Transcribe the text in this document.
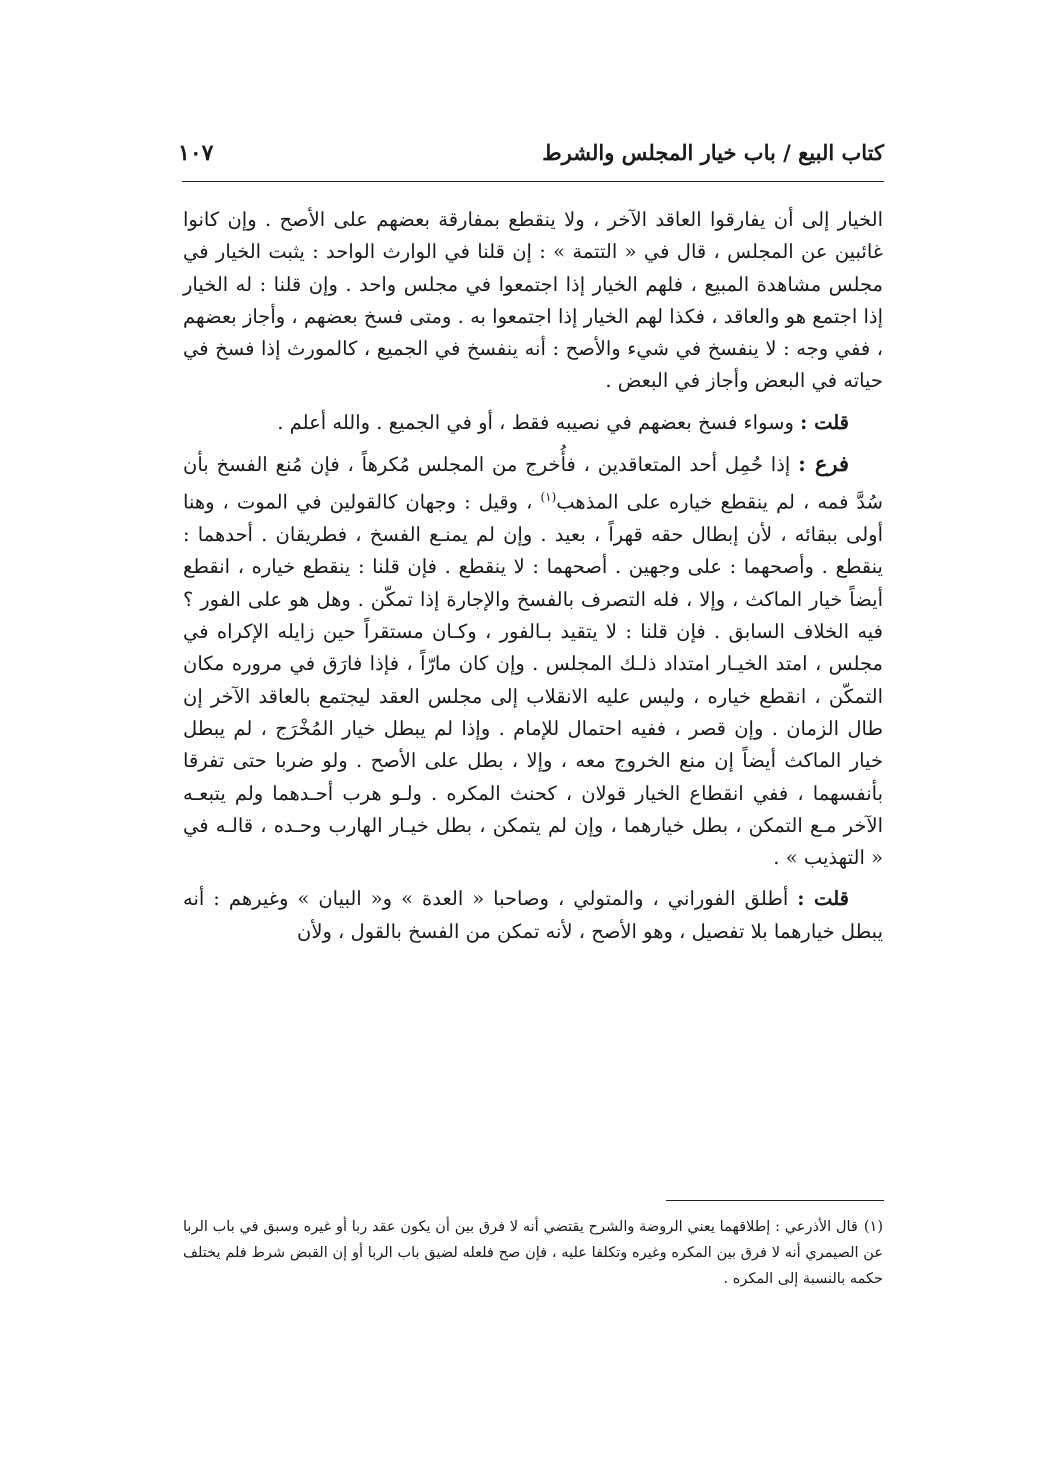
كتاب البيع / باب خيار المجلس والشرط
١٠٧

الخيار إلى أن يفارقوا العاقد الآخر ، ولا ينقطع بمفارقة بعضهم على الأصح . وإن كانوا غائبين عن المجلس ، قال في « التتمة » : إن قلنا في الوارث الواحد : يثبت الخيار في مجلس مشاهدة المبيع ، فلهم الخيار إذا اجتمعوا في مجلس واحد . وإن قلنا : له الخيار إذا اجتمع هو والعاقد ، فكذا لهم الخيار إذا اجتمعوا به . ومتى فسخ بعضهم ، وأجاز بعضهم ، ففي وجه : لا ينفسخ في شيء والأصح : أنه ينفسخ في الجميع ، كالمورث إذا فسخ في حياته في البعض وأجاز في البعض .

قلت : وسواء فسخ بعضهم في نصيبه فقط ، أو في الجميع . والله أعلم .

فرع : إذا حُمِل أحد المتعاقدين ، فأُخرج من المجلس مُكرهاً ، فإن مُنع الفسخ بأن سُدَّ فمه ، لم ينقطع خياره على المذهب$^{(١)}$ ، وقيل : وجهان كالقولين في الموت ، وهنا أولى ببقائه ، لأن إبطال حقه قهراً ، بعيد . وإن لم يمنـع الفسخ ، فطريقان . أحدهما : ينقطع . وأصحهما : على وجهين . أصحهما : لا ينقطع . فإن قلنا : ينقطع خياره ، انقطع أيضاً خيار الماكث ، وإلا ، فله التصرف بالفسخ والإجارة إذا تمكّن . وهل هو على الفور ؟ فيه الخلاف السابق . فإن قلنا : لا يتقيد بـالفور ، وكـان مستقراً حين زايله الإكراه في مجلس ، امتد الخيـار امتداد ذلـك المجلس . وإن كان مارّاً ، فإذا فارَق في مروره مكان التمكّن ، انقطع خياره ، وليس عليه الانقلاب إلى مجلس العقد ليجتمع بالعاقد الآخر إن طال الزمان . وإن قصر ، ففيه احتمال للإمام . وإذا لم يبطل خيار المُخْرَج ، لم يبطل خيار الماكث أيضاً إن منع الخروج معه ، وإلا ، بطل على الأصح . ولو ضربا حتى تفرقا بأنفسهما ، ففي انقطاع الخيار قولان ، كحنث المكره . ولـو هرب أحـدهما ولم يتبعـه الآخر مـع التمكن ، بطل خيارهما ، وإن لم يتمكن ، بطل خيـار الهارب وحـده ، قالـه في « التهذيب » .

قلت : أطلق الفوراني ، والمتولي ، وصاحبا « العدة » و« البيان » وغيرهم : أنه يبطل خيارهما بلا تفصيل ، وهو الأصح ، لأنه تمكن من الفسخ بالقول ، ولأن

(١)قال الأذرعي : إطلاقهما يعني الروضة والشرح يقتضي أنه لا فرق بين أن يكون عقد ربا أو غيره وسبق في باب الربا عن الصيمري أنه لا فرق بين المكره وغيره وتكلفا عليه ، فإن صح فلعله لضيق باب الربا أو إن القبض شرط فلم يختلف حكمه بالنسبة إلى المكره .
